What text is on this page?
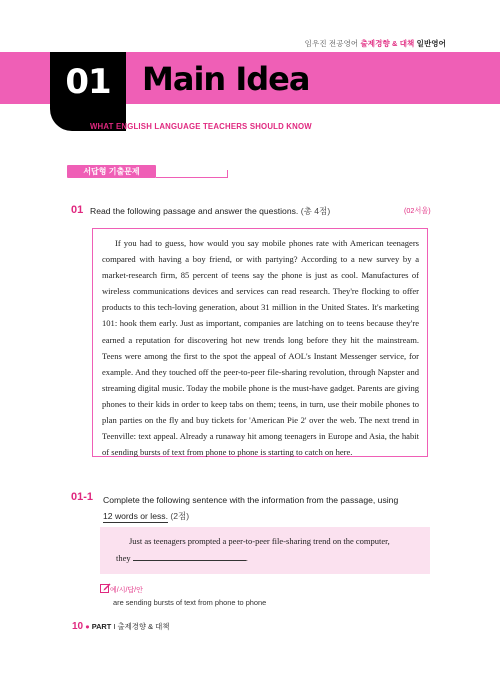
임우진 전공영어 출제경향 & 대책 일반영어
01 Main Idea
WHAT ENGLISH LANGUAGE TEACHERS SHOULD KNOW
서답형 기출문제
01 Read the following passage and answer the questions. (총 4점)	(02서울)
If you had to guess, how would you say mobile phones rate with American teenagers compared with having a boy friend, or with partying? According to a new survey by a market-research firm, 85 percent of teens say the phone is just as cool. Manufactures of wireless communications devices and services can read research. They're flocking to offer products to this tech-loving generation, about 31 million in the United States. It's marketing 101: hook them early. Just as important, companies are latching on to teens because they're earned a reputation for discovering hot new trends long before they hit the mainstream. Teens were among the first to the spot the appeal of AOL's Instant Messenger service, for example. And they touched off the peer-to-peer file-sharing revolution, through Napster and streaming digital music. Today the mobile phone is the must-have gadget. Parents are giving phones to their kids in order to keep tabs on them; teens, in turn, use their mobile phones to plan parties on the fly and buy tickets for 'American Pie 2' over the web. The next trend in Teenville: text appeal. Already a runaway hit among teenagers in Europe and Asia, the habit of sending bursts of text from phone to phone is starting to catch on here.
01-1 Complete the following sentence with the information from the passage, using
12 words or less. (2점)
Just as teenagers prompted a peer-to-peer file-sharing trend on the computer,
they	.
예/시/답/안
are sending bursts of text from phone to phone
10 ● PART I 출제경향 & 대책
